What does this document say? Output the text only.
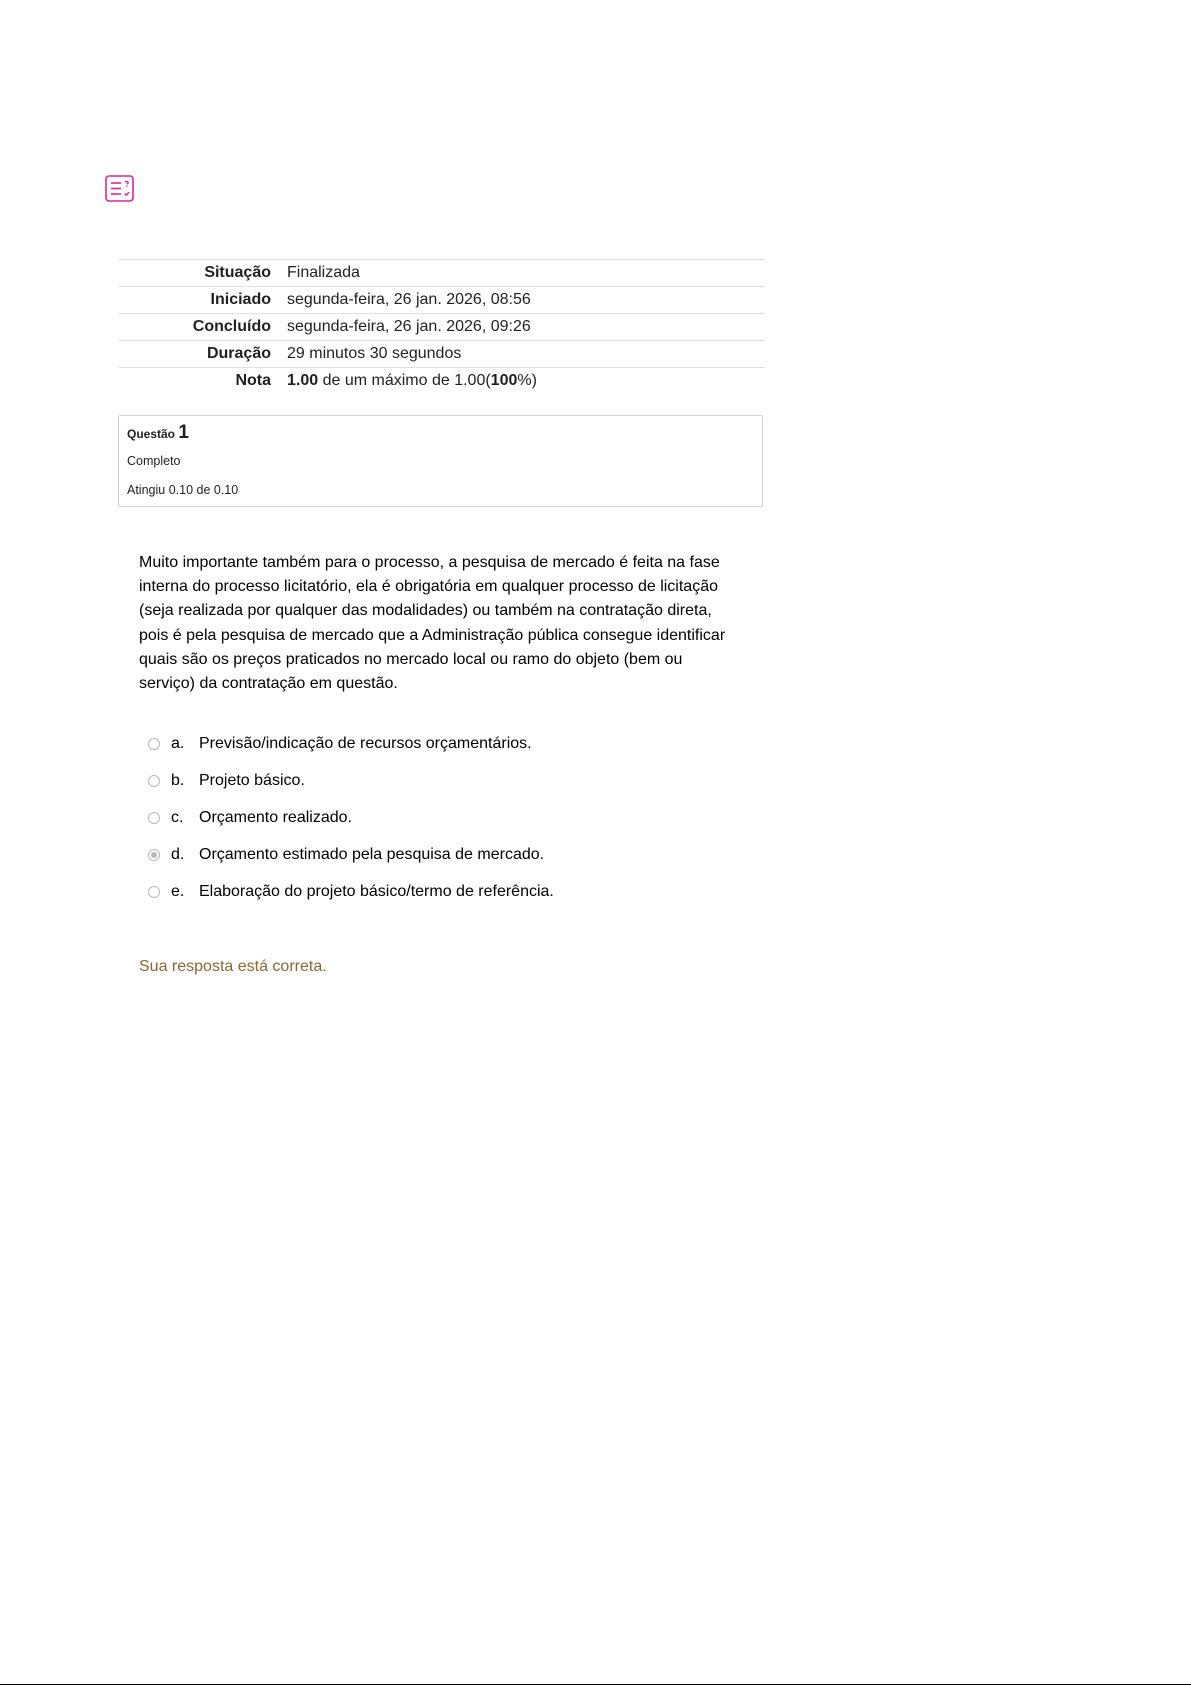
Situação	Finalizada
Iniciado	segunda-feira, 26 jan. 2026, 08:56
Concluído	segunda-feira, 26 jan. 2026, 09:26
Duração	29 minutos 30 segundos
Nota	1.00 de um máximo de 1.00(100%)
Questão 1
Completo
Atingiu 0.10 de 0.10

Muito importante também para o processo, a pesquisa de mercado é feita na fase interna do processo licitatório, ela é obrigatória em qualquer processo de licitação (seja realizada por qualquer das modalidades) ou também na contratação direta, pois é pela pesquisa de mercado que a Administração pública consegue identificar quais são os preços praticados no mercado local ou ramo do objeto (bem ou serviço) da contratação em questão.

a. Previsão/indicação de recursos orçamentários.
b. Projeto básico.
c. Orçamento realizado.
d. Orçamento estimado pela pesquisa de mercado.
e. Elaboração do projeto básico/termo de referência.
Sua resposta está correta.
